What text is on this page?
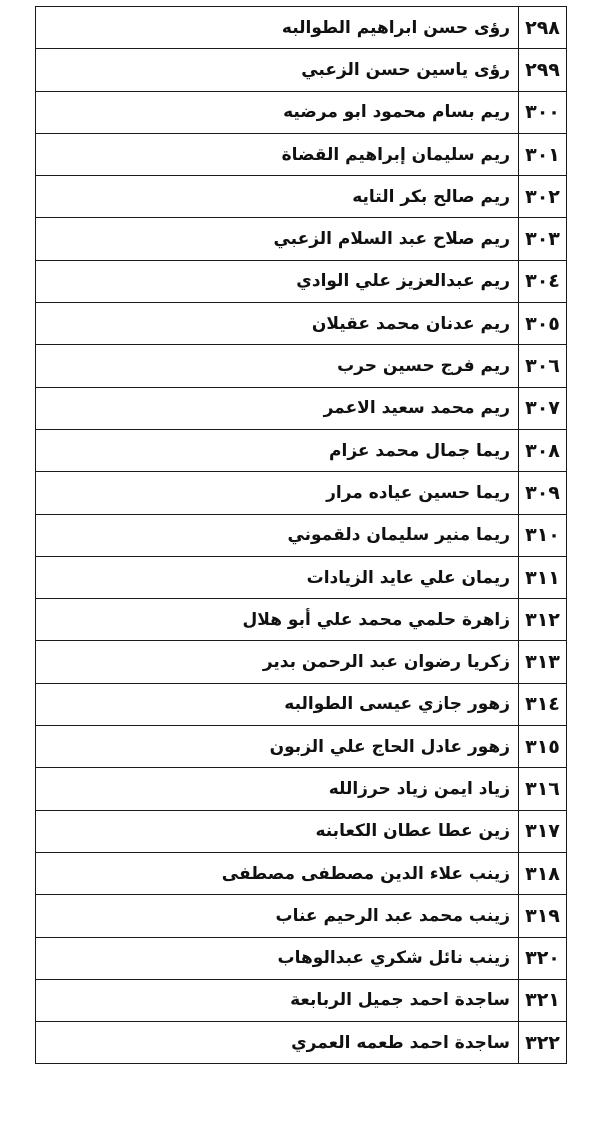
٢٩٨	رؤى حسن ابراهيم الطوالبه
٢٩٩	رؤى ياسين حسن الزعبي
٣٠٠	ريم بسام محمود ابو مرضيه
٣٠١	ريم سليمان إبراهيم القضاة
٣٠٢	ريم صالح بكر التايه
٣٠٣	ريم صلاح عبد السلام الزعبي
٣٠٤	ريم عبدالعزيز علي الوادي
٣٠٥	ريم عدنان محمد عقيلان
٣٠٦	ريم فرج حسين حرب
٣٠٧	ريم محمد سعيد الاعمر
٣٠٨	ريما جمال محمد عزام
٣٠٩	ريما حسين عياده مرار
٣١٠	ريما منير سليمان دلقموني
٣١١	ريمان علي عايد الزيادات
٣١٢	زاهرة حلمي محمد علي أبو هلال
٣١٣	زكريا رضوان عبد الرحمن بدير
٣١٤	زهور جازي عيسى الطوالبه
٣١٥	زهور عادل الحاج علي الزبون
٣١٦	زياد ايمن زياد حرزالله
٣١٧	زين عطا عطان الكعابنه
٣١٨	زينب علاء الدين مصطفى مصطفى
٣١٩	زينب محمد عبد الرحيم عناب
٣٢٠	زينب نائل شكري عبدالوهاب
٣٢١	ساجدة احمد جميل الربابعة
٣٢٢	ساجدة احمد طعمه العمري
